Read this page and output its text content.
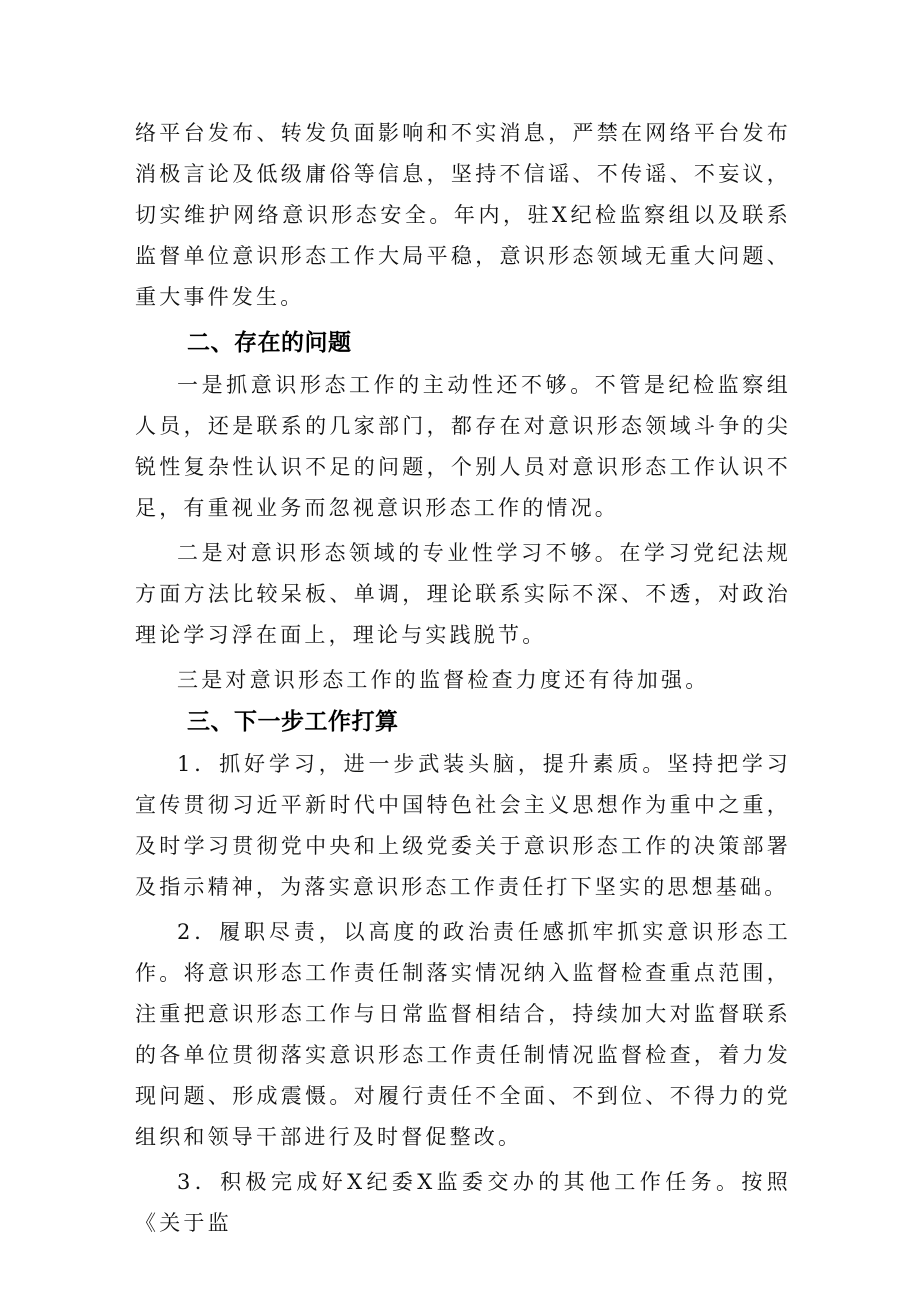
络平台发布、转发负面影响和不实消息，严禁在网络平台发布消极言论及低级庸俗等信息，坚持不信谣、不传谣、不妄议，切实维护网络意识形态安全。年内，驻X纪检监察组以及联系监督单位意识形态工作大局平稳，意识形态领域无重大问题、重大事件发生。

二、存在的问题

一是抓意识形态工作的主动性还不够。不管是纪检监察组人员，还是联系的几家部门，都存在对意识形态领域斗争的尖锐性复杂性认识不足的问题，个别人员对意识形态工作认识不足，有重视业务而忽视意识形态工作的情况。

二是对意识形态领域的专业性学习不够。在学习党纪法规方面方法比较呆板、单调，理论联系实际不深、不透，对政治理论学习浮在面上，理论与实践脱节。

三是对意识形态工作的监督检查力度还有待加强。

三、下一步工作打算

1．抓好学习，进一步武装头脑，提升素质。坚持把学习宣传贯彻习近平新时代中国特色社会主义思想作为重中之重，及时学习贯彻党中央和上级党委关于意识形态工作的决策部署及指示精神，为落实意识形态工作责任打下坚实的思想基础。

2．履职尽责，以高度的政治责任感抓牢抓实意识形态工作。将意识形态工作责任制落实情况纳入监督检查重点范围，注重把意识形态工作与日常监督相结合，持续加大对监督联系的各单位贯彻落实意识形态工作责任制情况监督检查，着力发现问题、形成震慑。对履行责任不全面、不到位、不得力的党组织和领导干部进行及时督促整改。

3．积极完成好X纪委X监委交办的其他工作任务。按照《关于监
